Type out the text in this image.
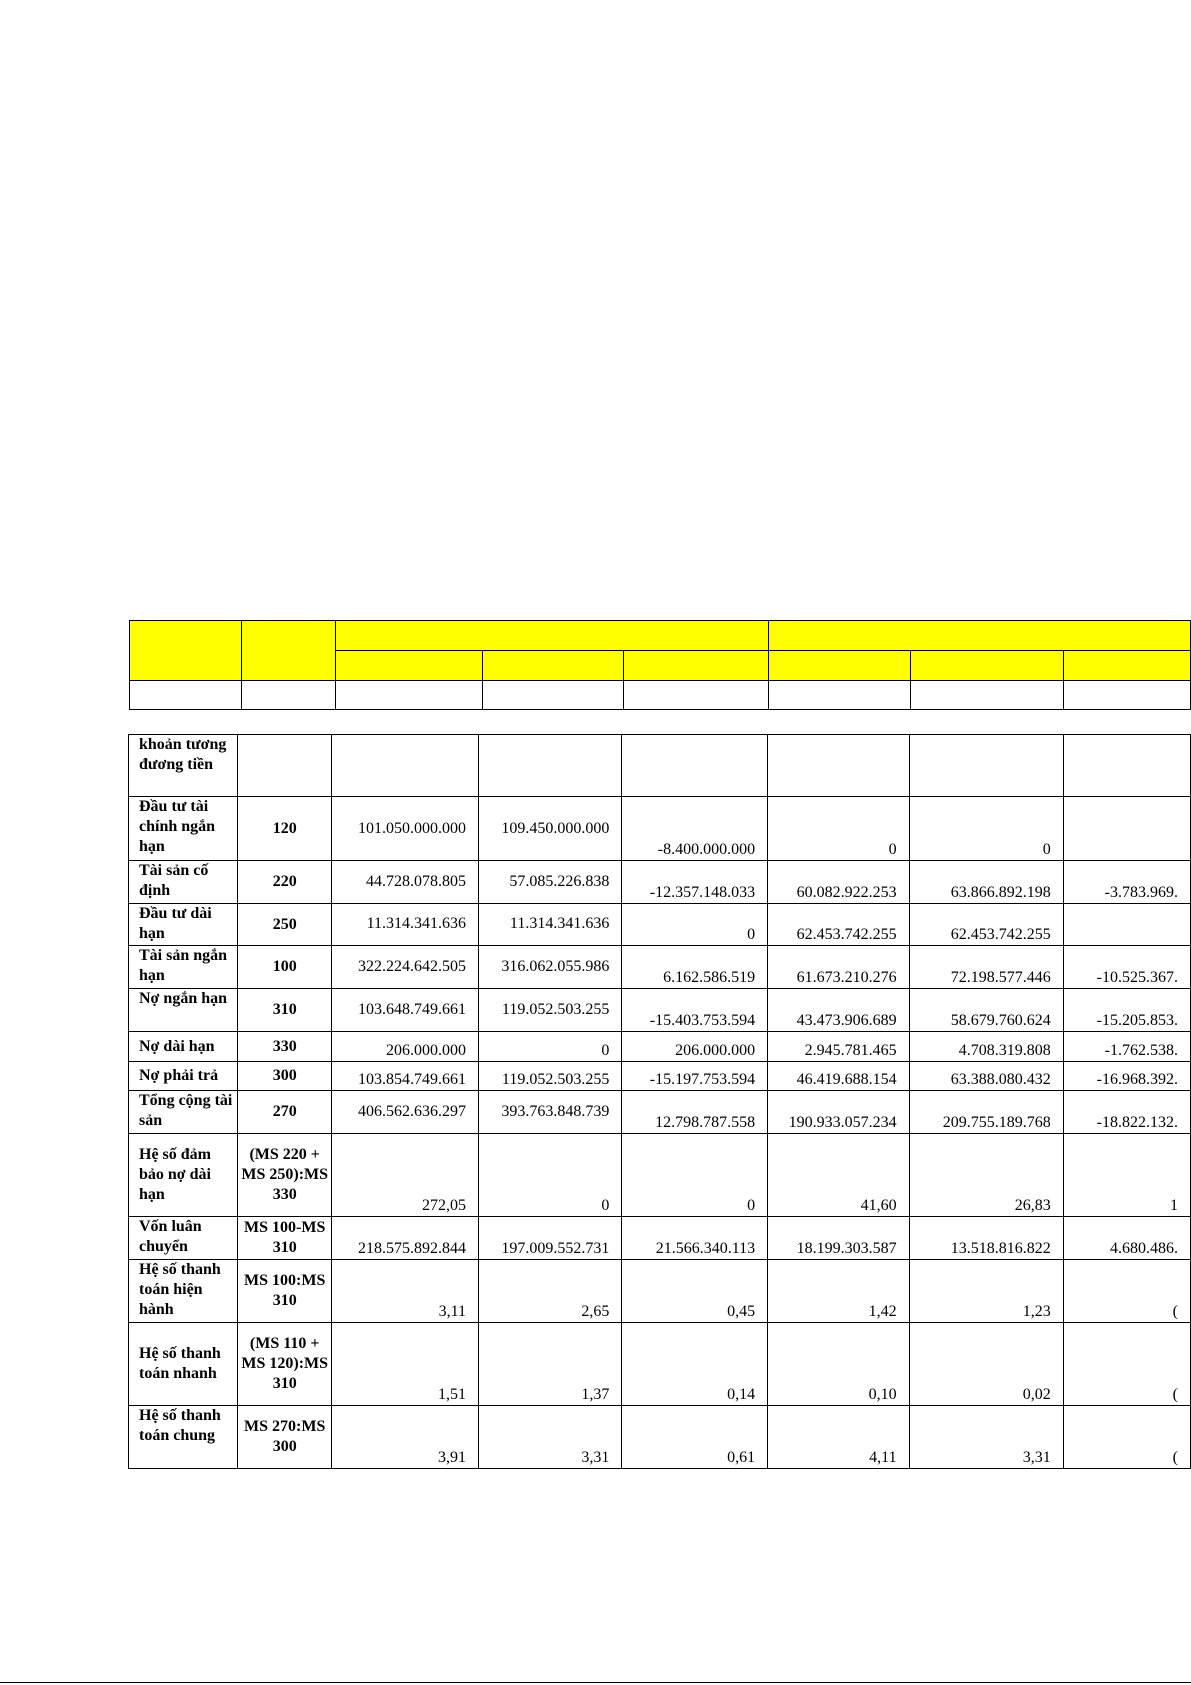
khoản tương đương tiền							
Đầu tư tài chính ngắn hạn	120	101.050.000.000	109.450.000.000	-8.400.000.000	0	0	
Tài sản cố định	220	44.728.078.805	57.085.226.838	-12.357.148.033	60.082.922.253	63.866.892.198	-3.783.969.
Đầu tư dài hạn	250	11.314.341.636	11.314.341.636	0	62.453.742.255	62.453.742.255	
Tài sản ngắn hạn	100	322.224.642.505	316.062.055.986	6.162.586.519	61.673.210.276	72.198.577.446	-10.525.367.
Nợ ngắn hạn	310	103.648.749.661	119.052.503.255	-15.403.753.594	43.473.906.689	58.679.760.624	-15.205.853.
Nợ dài hạn	330	206.000.000	0	206.000.000	2.945.781.465	4.708.319.808	-1.762.538.
Nợ phải trả	300	103.854.749.661	119.052.503.255	-15.197.753.594	46.419.688.154	63.388.080.432	-16.968.392.
Tổng cộng tài sản	270	406.562.636.297	393.763.848.739	12.798.787.558	190.933.057.234	209.755.189.768	-18.822.132.
Hệ số đảm bảo nợ dài hạn	(MS 220 + MS 250):MS 330	272,05	0	0	41,60	26,83	1
Vốn luân chuyển	MS 100-MS 310	218.575.892.844	197.009.552.731	21.566.340.113	18.199.303.587	13.518.816.822	4.680.486.
Hệ số thanh toán hiện hành	MS 100:MS 310	3,11	2,65	0,45	1,42	1,23	(
Hệ số thanh toán nhanh	(MS 110 + MS 120):MS 310	1,51	1,37	0,14	0,10	0,02	(
Hệ số thanh toán chung	MS 270:MS 300	3,91	3,31	0,61	4,11	3,31	(
